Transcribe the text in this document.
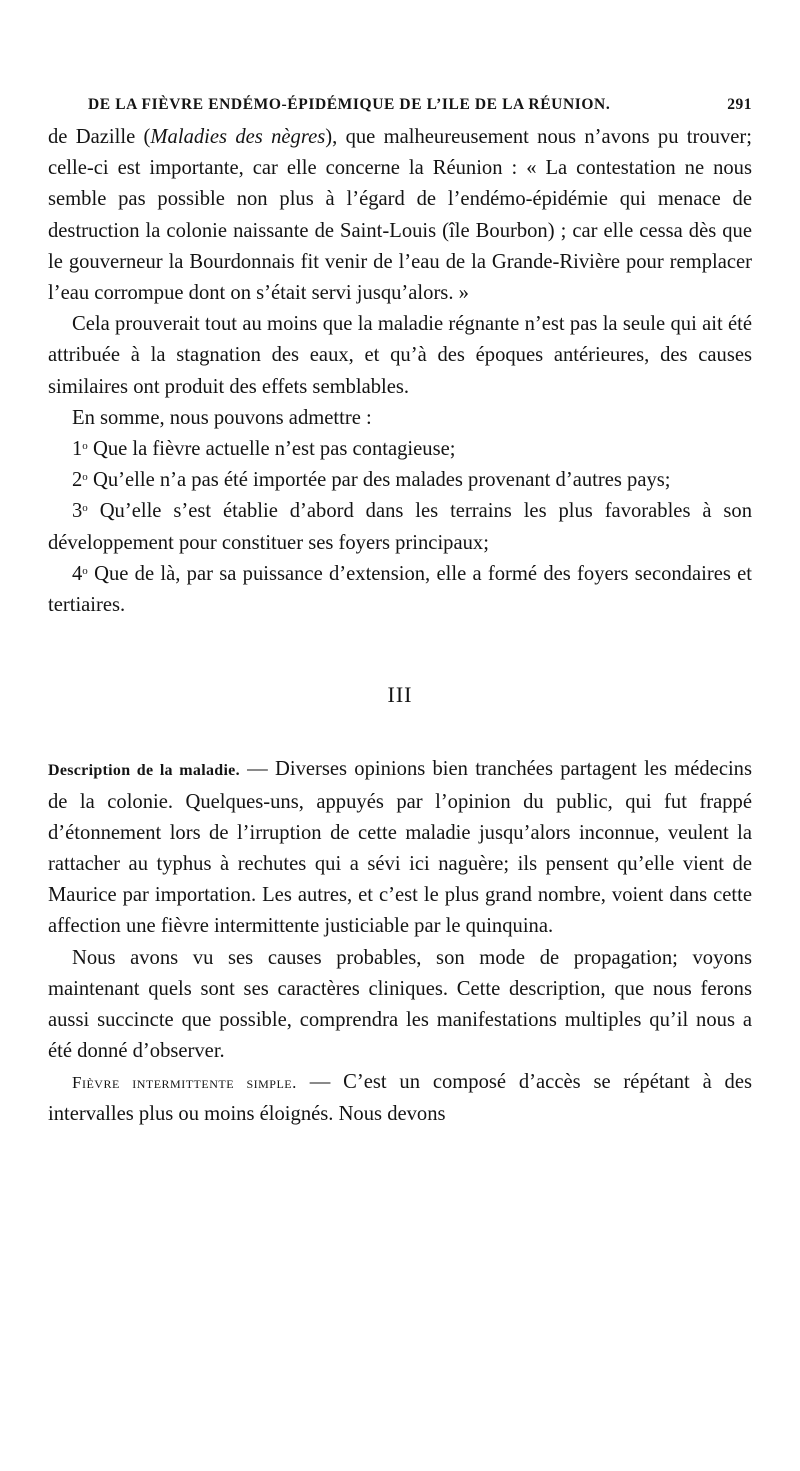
DE LA FIÈVRE ENDÉMO-ÉPIDÉMIQUE DE L’ILE DE LA RÉUNION.	291

de Dazille (Maladies des nègres), que malheureusement nous n’avons pu trouver; celle-ci est importante, car elle concerne la Réunion : « La contestation ne nous semble pas possible non plus à l’égard de l’endémo-épidémie qui menace de destruction la colonie naissante de Saint-Louis (île Bourbon) ; car elle cessa dès que le gouverneur la Bourdonnais fit venir de l’eau de la Grande-Rivière pour remplacer l’eau corrompue dont on s’était servi jusqu’alors. »

Cela prouverait tout au moins que la maladie régnante n’est pas la seule qui ait été attribuée à la stagnation des eaux, et qu’à des époques antérieures, des causes similaires ont produit des effets semblables.

En somme, nous pouvons admettre :

1$^o$ Que la fièvre actuelle n’est pas contagieuse;

2$^o$ Qu’elle n’a pas été importée par des malades provenant d’autres pays;

3$^o$ Qu’elle s’est établie d’abord dans les terrains les plus favorables à son développement pour constituer ses foyers principaux;

4$^o$ Que de là, par sa puissance d’extension, elle a formé des foyers secondaires et tertiaires.

III

Description de la maladie. — Diverses opinions bien tranchées partagent les médecins de la colonie. Quelques-uns, appuyés par l’opinion du public, qui fut frappé d’étonnement lors de l’irruption de cette maladie jusqu’alors inconnue, veulent la rattacher au typhus à rechutes qui a sévi ici naguère; ils pensent qu’elle vient de Maurice par importation. Les autres, et c’est le plus grand nombre, voient dans cette affection une fièvre intermittente justiciable par le quinquina.

Nous avons vu ses causes probables, son mode de propagation; voyons maintenant quels sont ses caractères cliniques. Cette description, que nous ferons aussi succincte que possible, comprendra les manifestations multiples qu’il nous a été donné d’observer.

Fièvre intermittente simple. — C’est un composé d’accès se répétant à des intervalles plus ou moins éloignés. Nous devons
